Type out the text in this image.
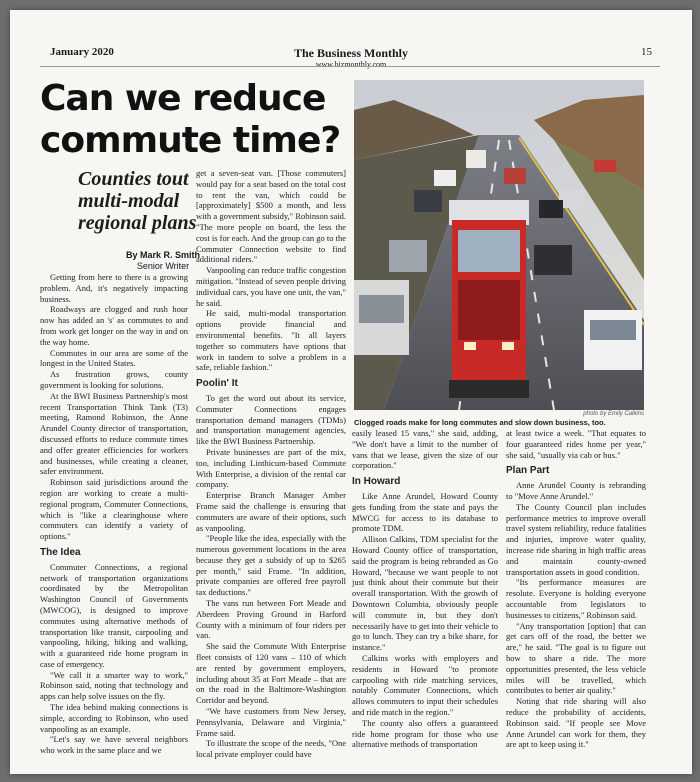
January 2020	The Business Monthly
www.bizmonthly.com
15
Can we reduce commute time?
Counties tout multi-modal regional plans
By Mark R. Smith
Senior Writer
photo by Emily Calkins
Clogged roads make for long commutes and slow down business, too.

Getting from here to there is a growing problem. And, it's negatively impacting business.

Roadways are clogged and rush hour now has added an 's' as commutes to and from work get longer on the way in and on the way home.

Commutes in our area are some of the longest in the United States.

As frustration grows, county government is looking for solutions.

At the BWI Business Partnership's most recent Transportation Think Tank (T3) meeting, Ramond Robinson, the Anne Arundel County director of transportation, discussed efforts to reduce commute times and offer greater efficiencies for workers and businesses, while creating a cleaner, safer environment.

Robinson said jurisdictions around the region are working to create a multi-regional program, Commuter Connections, which is "like a clearinghouse where commuters can identify a variety of options."

The Idea

Commuter Connections, a regional network of transportation organizations coordinated by the Metropolitan Washington Council of Governments (MWCOG), is designed to improve commutes using alternative methods of transportation like transit, carpooling and vanpooling, hiking, biking and walking, with a guaranteed ride home program in case of emergency.

"We call it a smarter way to work," Robinson said, noting that technology and apps can help solve issues on the fly.

The idea behind making connections is simple, according to Robinson, who used vanpooling as an example.

"Let's say we have several neighbors who work in the same place and we

get a seven-seat van. [Those commuters] would pay for a seat based on the total cost to rent the van, which could be [approximately] $500 a month, and less with a government subsidy," Robinson said. "The more people on board, the less the cost is for each. And the group can go to the Commuter Connection website to find additional riders."

Vanpooling can reduce traffic congestion mitigation. "Instead of seven people driving individual cars, you have one unit, the van," he said.

He said, multi-modal transportation options provide financial and environmental benefits. "It all layers together so commuters have options that work in tandem to solve a problem in a safe, reliable fashion."

Poolin' It

To get the word out about its service, Commuter Connections engages transportation demand managers (TDMs) and transportation management agencies, like the BWI Business Partnership.

Private businesses are part of the mix, too, including Linthicum-based Commute With Enterprise, a division of the rental car company.

Enterprise Branch Manager Amber Frame said the challenge is ensuring that commuters are aware of their options, such as vanpooling.

"People like the idea, especially with the numerous government locations in the area because they get a subsidy of up to $265 per month," said Frame. "In addition, private companies are offered free payroll tax deductions."

The vans run between Fort Meade and Aberdeen Proving Ground in Harford County with a minimum of four riders per van.

She said the Commute With Enterprise fleet consists of 120 vans – 110 of which are rented by government employers, including about 35 at Fort Meade – that are on the road in the Baltimore-Washington Corridor and beyond.

"We have customers from New Jersey, Pennsylvania, Delaware and Virginia," Frame said.

To illustrate the scope of the needs, "One local private employer could have

easily leased 15 vans," she said, adding, "We don't have a limit to the number of vans that we lease, given the size of our corporation."

In Howard

Like Anne Arundel, Howard County gets funding from the state and pays the MWCG for access to its database to promote TDM.

Allison Calkins, TDM specialist for the Howard County office of transportation, said the program is being rebranded as Go Howard, "because we want people to not just think about their commute but their overall transportation. With the growth of Downtown Columbia, obviously people will commute in, but they don't necessarily have to get into their vehicle to go to lunch. They can try a bike share, for instance."

Calkins works with employers and residents in Howard "to promote carpooling with ride matching services, notably Commuter Connections, which allows commuters to input their schedules and ride match in the region."

The county also offers a guaranteed ride home program for those who use alternative methods of transportation

at least twice a week. "That equates to four guaranteed rides home per year," she said, "usually via cab or bus."

Plan Part

Anne Arundel County is rebranding to "Move Anne Arundel."

The County Council plan includes performance metrics to improve overall travel system reliability, reduce fatalities and injuries, improve water quality, increase ride sharing in high traffic areas and maintain county-owned transportation assets in good condition.

"Its performance measures are resolute. Everyone is holding everyone accountable from legislators to businesses to citizens," Robinson said.

"Any transportation [option] that can get cars off of the road, the better we are," he said. "The goal is to figure out how to share a ride. The more opportunities presented, the less vehicle miles will be travelled, which contributes to better air quality."

Noting that ride sharing will also reduce the probability of accidents, Robinson said. "If people see Move Anne Arundel can work for them, they are apt to keep using it."
